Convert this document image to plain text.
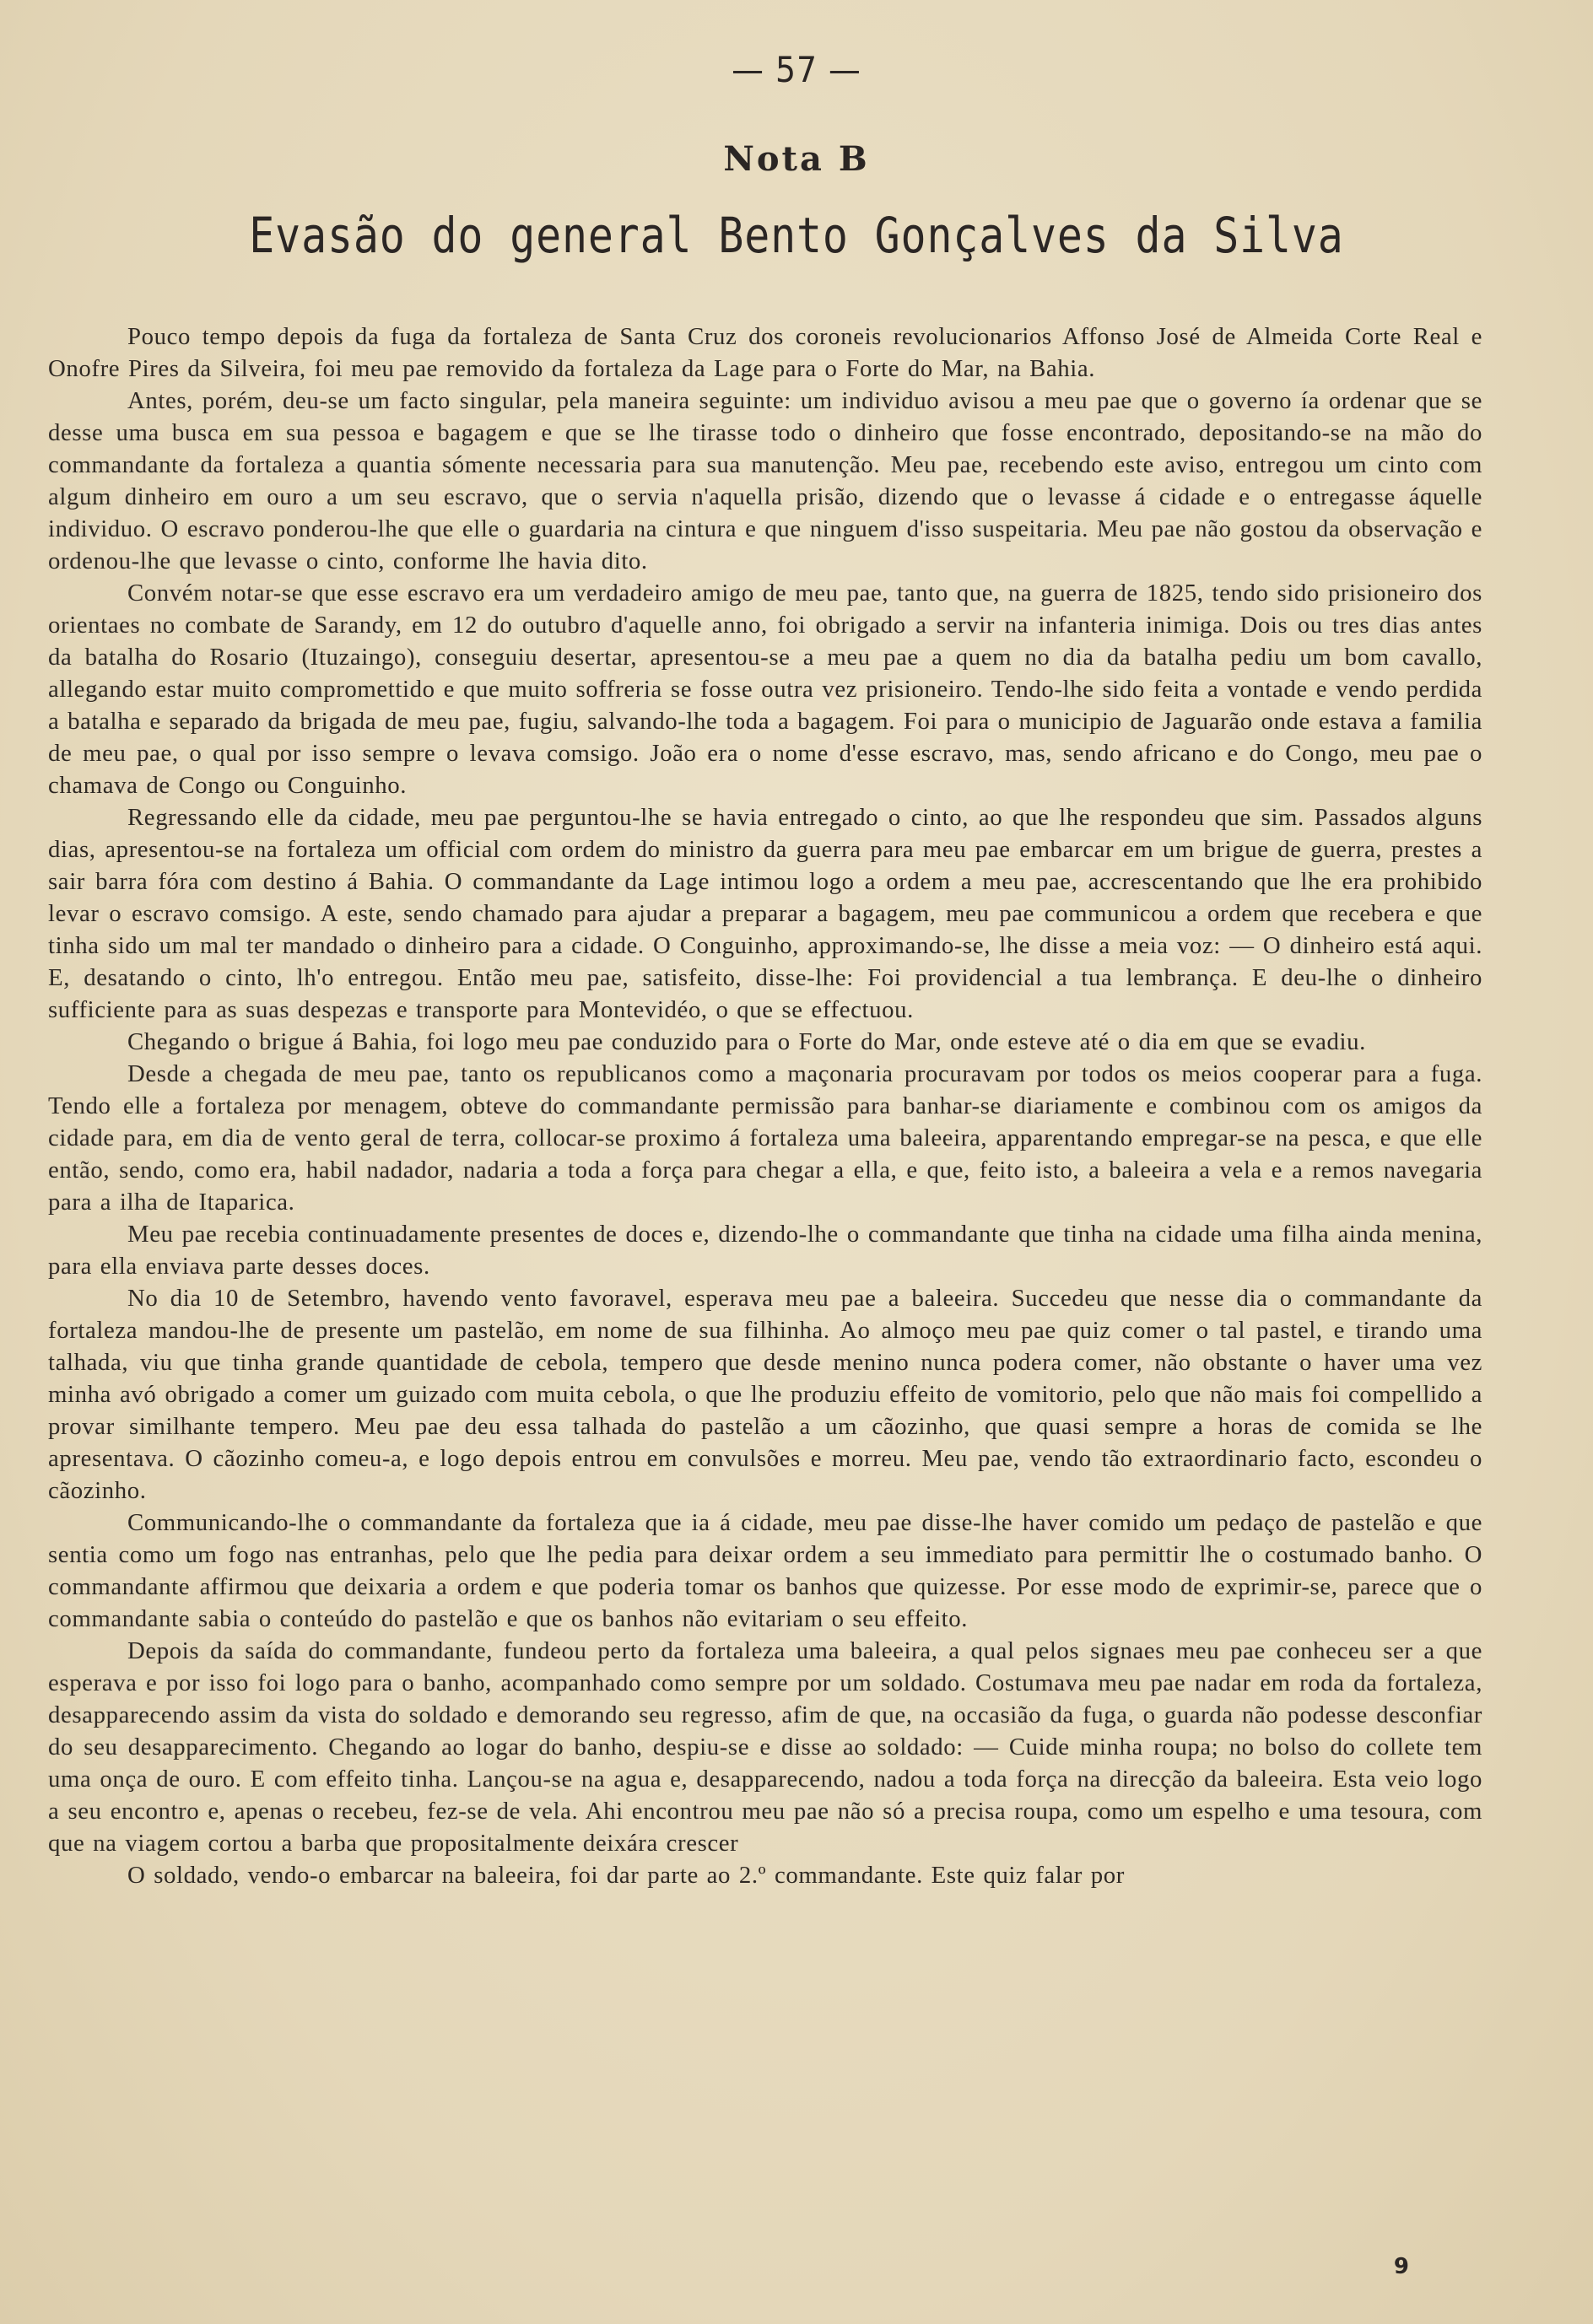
— 57 —
Nota B
Evasão do general Bento Gonçalves da Silva

Pouco tempo depois da fuga da fortaleza de Santa Cruz dos coroneis revolucionarios Affonso José de Almeida Corte Real e Onofre Pires da Silveira, foi meu pae removido da fortaleza da Lage para o Forte do Mar, na Bahia.

Antes, porém, deu-se um facto singular, pela maneira seguinte: um individuo avisou a meu pae que o governo ía ordenar que se desse uma busca em sua pessoa e bagagem e que se lhe tirasse todo o dinheiro que fosse encontrado, depositando-se na mão do commandante da fortaleza a quantia sómente necessaria para sua manutenção. Meu pae, recebendo este aviso, entregou um cinto com algum dinheiro em ouro a um seu escravo, que o servia n'aquella prisão, dizendo que o levasse á cidade e o entregasse áquelle individuo. O escravo ponderou-lhe que elle o guardaria na cintura e que ninguem d'isso suspeitaria. Meu pae não gostou da observação e ordenou-lhe que levasse o cinto, conforme lhe havia dito.

Convém notar-se que esse escravo era um verdadeiro amigo de meu pae, tanto que, na guerra de 1825, tendo sido prisioneiro dos orientaes no combate de Sarandy, em 12 do outubro d'aquelle anno, foi obrigado a servir na infanteria inimiga. Dois ou tres dias antes da batalha do Rosario (Ituzaingo), conseguiu desertar, apresentou-se a meu pae a quem no dia da batalha pediu um bom cavallo, allegando estar muito compromettido e que muito soffreria se fosse outra vez prisioneiro. Tendo-lhe sido feita a vontade e vendo perdida a batalha e separado da brigada de meu pae, fugiu, salvando-lhe toda a bagagem. Foi para o municipio de Jaguarão onde estava a familia de meu pae, o qual por isso sempre o levava comsigo. João era o nome d'esse escravo, mas, sendo africano e do Congo, meu pae o chamava de Congo ou Conguinho.

Regressando elle da cidade, meu pae perguntou-lhe se havia entregado o cinto, ao que lhe respondeu que sim. Passados alguns dias, apresentou-se na fortaleza um official com ordem do ministro da guerra para meu pae embarcar em um brigue de guerra, prestes a sair barra fóra com destino á Bahia. O commandante da Lage intimou logo a ordem a meu pae, accrescentando que lhe era prohibido levar o escravo comsigo. A este, sendo chamado para ajudar a preparar a bagagem, meu pae communicou a ordem que recebera e que tinha sido um mal ter mandado o dinheiro para a cidade. O Conguinho, approximando-se, lhe disse a meia voz: — O dinheiro está aqui. E, desatando o cinto, lh'o entregou. Então meu pae, satisfeito, disse-lhe: Foi providencial a tua lembrança. E deu-lhe o dinheiro sufficiente para as suas despezas e transporte para Montevidéo, o que se effectuou.

Chegando o brigue á Bahia, foi logo meu pae conduzido para o Forte do Mar, onde esteve até o dia em que se evadiu.

Desde a chegada de meu pae, tanto os republicanos como a maçonaria procuravam por todos os meios cooperar para a fuga. Tendo elle a fortaleza por menagem, obteve do commandante permissão para banhar-se diariamente e combinou com os amigos da cidade para, em dia de vento geral de terra, collocar-se proximo á fortaleza uma baleeira, apparentando empregar-se na pesca, e que elle então, sendo, como era, habil nadador, nadaria a toda a força para chegar a ella, e que, feito isto, a baleeira a vela e a remos navegaria para a ilha de Itaparica.

Meu pae recebia continuadamente presentes de doces e, dizendo-lhe o commandante que tinha na cidade uma filha ainda menina, para ella enviava parte desses doces.

No dia 10 de Setembro, havendo vento favoravel, esperava meu pae a baleeira. Succedeu que nesse dia o commandante da fortaleza mandou-lhe de presente um pastelão, em nome de sua filhinha. Ao almoço meu pae quiz comer o tal pastel, e tirando uma talhada, viu que tinha grande quantidade de cebola, tempero que desde menino nunca podera comer, não obstante o haver uma vez minha avó obrigado a comer um guizado com muita cebola, o que lhe produziu effeito de vomitorio, pelo que não mais foi compellido a provar similhante tempero. Meu pae deu essa talhada do pastelão a um cãozinho, que quasi sempre a horas de comida se lhe apresentava. O cãozinho comeu-a, e logo depois entrou em convulsões e morreu. Meu pae, vendo tão extraordinario facto, escondeu o cãozinho.

Communicando-lhe o commandante da fortaleza que ia á cidade, meu pae disse-lhe haver comido um pedaço de pastelão e que sentia como um fogo nas entranhas, pelo que lhe pedia para deixar ordem a seu immediato para permittir lhe o costumado banho. O commandante affirmou que deixaria a ordem e que poderia tomar os banhos que quizesse. Por esse modo de exprimir-se, parece que o commandante sabia o conteúdo do pastelão e que os banhos não evitariam o seu effeito.

Depois da saída do commandante, fundeou perto da fortaleza uma baleeira, a qual pelos signaes meu pae conheceu ser a que esperava e por isso foi logo para o banho, acompanhado como sempre por um soldado. Costumava meu pae nadar em roda da fortaleza, desapparecendo assim da vista do soldado e demorando seu regresso, afim de que, na occasião da fuga, o guarda não podesse desconfiar do seu desapparecimento. Chegando ao logar do banho, despiu-se e disse ao soldado: — Cuide minha roupa; no bolso do collete tem uma onça de ouro. E com effeito tinha. Lançou-se na agua e, desapparecendo, nadou a toda força na direcção da baleeira. Esta veio logo a seu encontro e, apenas o recebeu, fez-se de vela. Ahi encontrou meu pae não só a precisa roupa, como um espelho e uma tesoura, com que na viagem cortou a barba que propositalmente deixára crescer

O soldado, vendo-o embarcar na baleeira, foi dar parte ao 2.º commandante. Este quiz falar por

9
